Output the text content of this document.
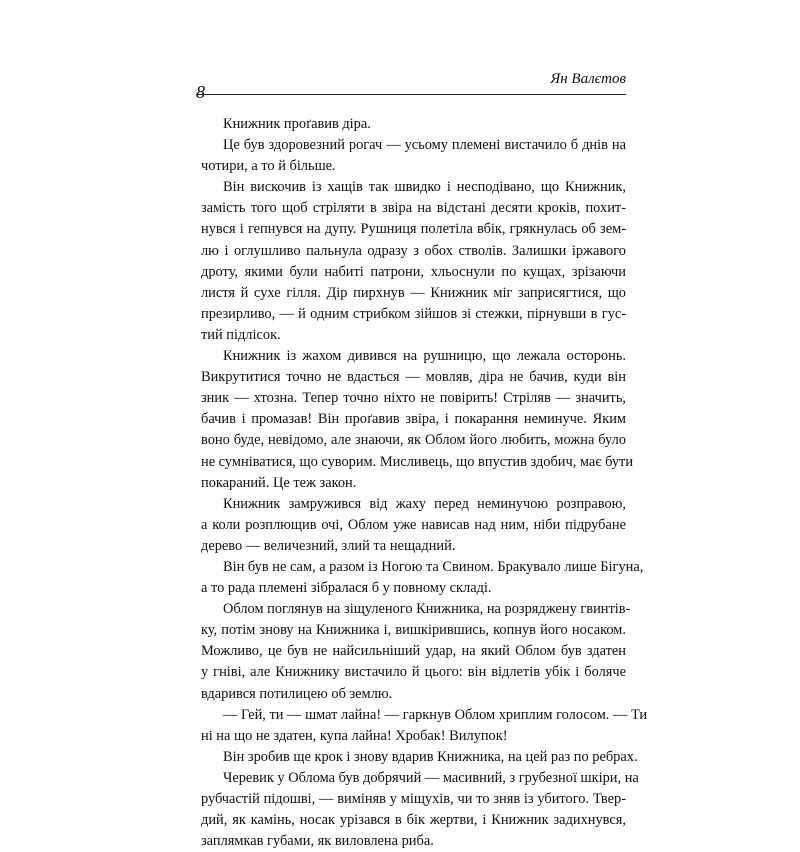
8
Ян Валєтов
Книжник проґавив діра.
Це був здоровезний рогач — усьому племені вистачило б днів на
чотири, а то й більше.
Він вискочив із хащів так швидко і несподівано, що Книжник,
замість того щоб стріляти в звіра на відстані десяти кроків, похит-
нувся і гепнувся на дупу. Рушниця полетіла вбік, грякнулась об зем-
лю і оглушливо пальнула одразу з обох стволів. Залишки іржавого
дроту, якими були набиті патрони, хльоснули по кущах, зрізаючи
листя й сухе гілля. Дір пирхнув — Книжник міг заприсягтися, що
презирливо, — й одним стрибком зійшов зі стежки, пірнувши в гус-
тий підлісок.
Книжник із жахом дивився на рушницю, що лежала осторонь.
Викрутитися точно не вдасться — мовляв, діра не бачив, куди він
зник — хтозна. Тепер точно ніхто не повірить! Стріляв — значить,
бачив і промазав! Він проґавив звіра, і покарання неминуче. Яким
воно буде, невідомо, але знаючи, як Облом його любить, можна було
не сумніватися, що суворим. Мисливець, що впустив здобич, має бути
покараний. Це теж закон.
Книжник замружився від жаху перед неминучою розправою,
а коли розплющив очі, Облом уже нависав над ним, ніби підрубане
дерево — величезний, злий та нещадний.
Він був не сам, а разом із Ногою та Свином. Бракувало лише Бігуна,
а то рада племені зібралася б у повному складі.
Облом поглянув на зіщуленого Книжника, на розряджену гвинтів-
ку, потім знову на Книжника і, вишкірившись, копнув його носаком.
Можливо, це був не найсильніший удар, на який Облом був здатен
у гніві, але Книжнику вистачило й цього: він відлетів убік і боляче
вдарився потилицею об землю.
— Гей, ти — шмат лайна! — гаркнув Облом хриплим голосом. — Ти
ні на що не здатен, купа лайна! Хробак! Вилупок!
Він зробив ще крок і знову вдарив Книжника, на цей раз по ребрах.
Черевик у Облома був добрячий — масивний, з грубезної шкіри, на
рубчастій підошві, — виміняв у міщухів, чи то зняв із убитого. Твер-
дий, як камінь, носак урізався в бік жертви, і Книжник задихнувся,
заплямкав губами, як виловлена риба.
